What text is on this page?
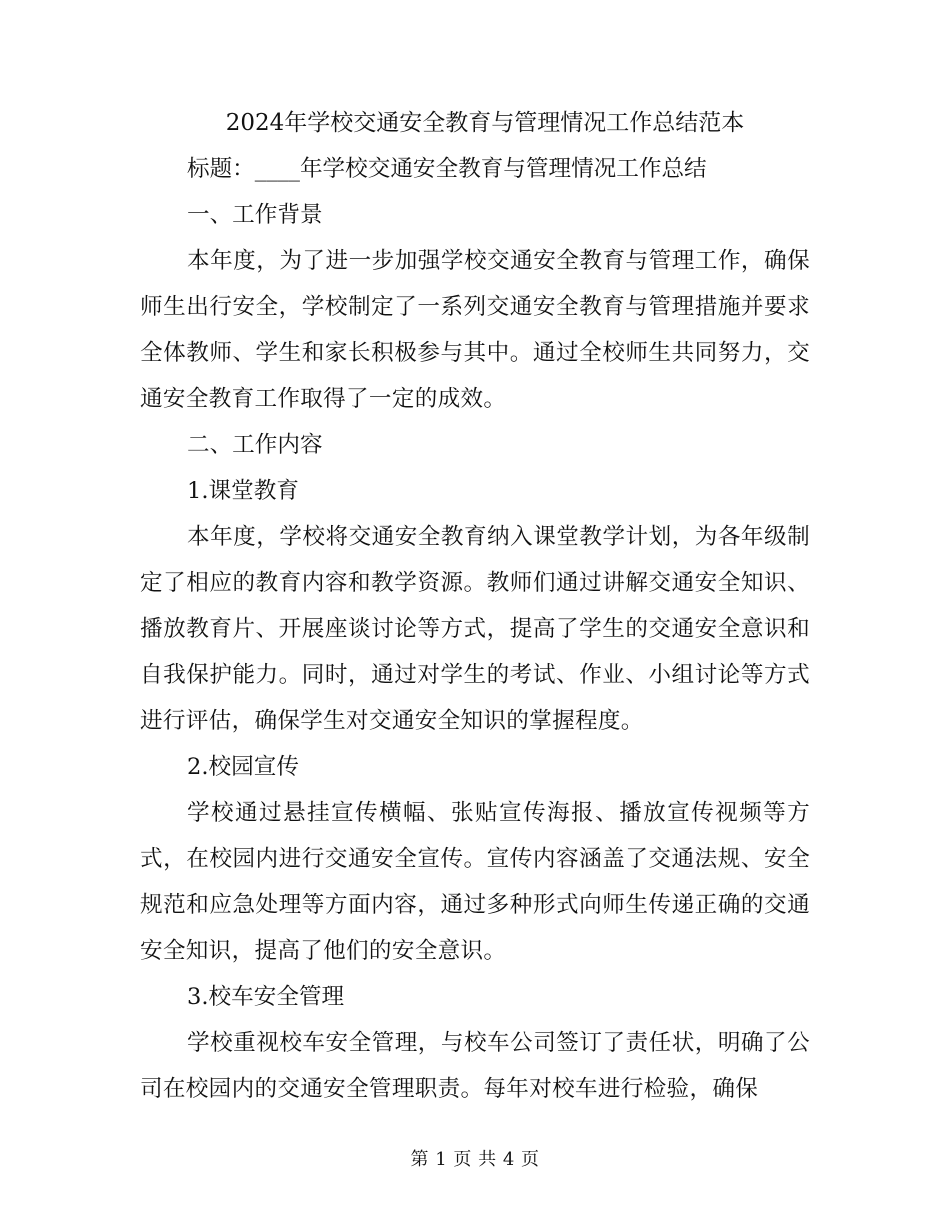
2024年学校交通安全教育与管理情况工作总结范本

标题：____年学校交通安全教育与管理情况工作总结

一、工作背景

本年度，为了进一步加强学校交通安全教育与管理工作，确保师生出行安全，学校制定了一系列交通安全教育与管理措施并要求全体教师、学生和家长积极参与其中。通过全校师生共同努力，交通安全教育工作取得了一定的成效。

二、工作内容

1.课堂教育

本年度，学校将交通安全教育纳入课堂教学计划，为各年级制定了相应的教育内容和教学资源。教师们通过讲解交通安全知识、播放教育片、开展座谈讨论等方式，提高了学生的交通安全意识和自我保护能力。同时，通过对学生的考试、作业、小组讨论等方式进行评估，确保学生对交通安全知识的掌握程度。

2.校园宣传

学校通过悬挂宣传横幅、张贴宣传海报、播放宣传视频等方式，在校园内进行交通安全宣传。宣传内容涵盖了交通法规、安全规范和应急处理等方面内容，通过多种形式向师生传递正确的交通安全知识，提高了他们的安全意识。

3.校车安全管理

学校重视校车安全管理，与校车公司签订了责任状，明确了公司在校园内的交通安全管理职责。每年对校车进行检验，确保

第 1 页 共 4 页
